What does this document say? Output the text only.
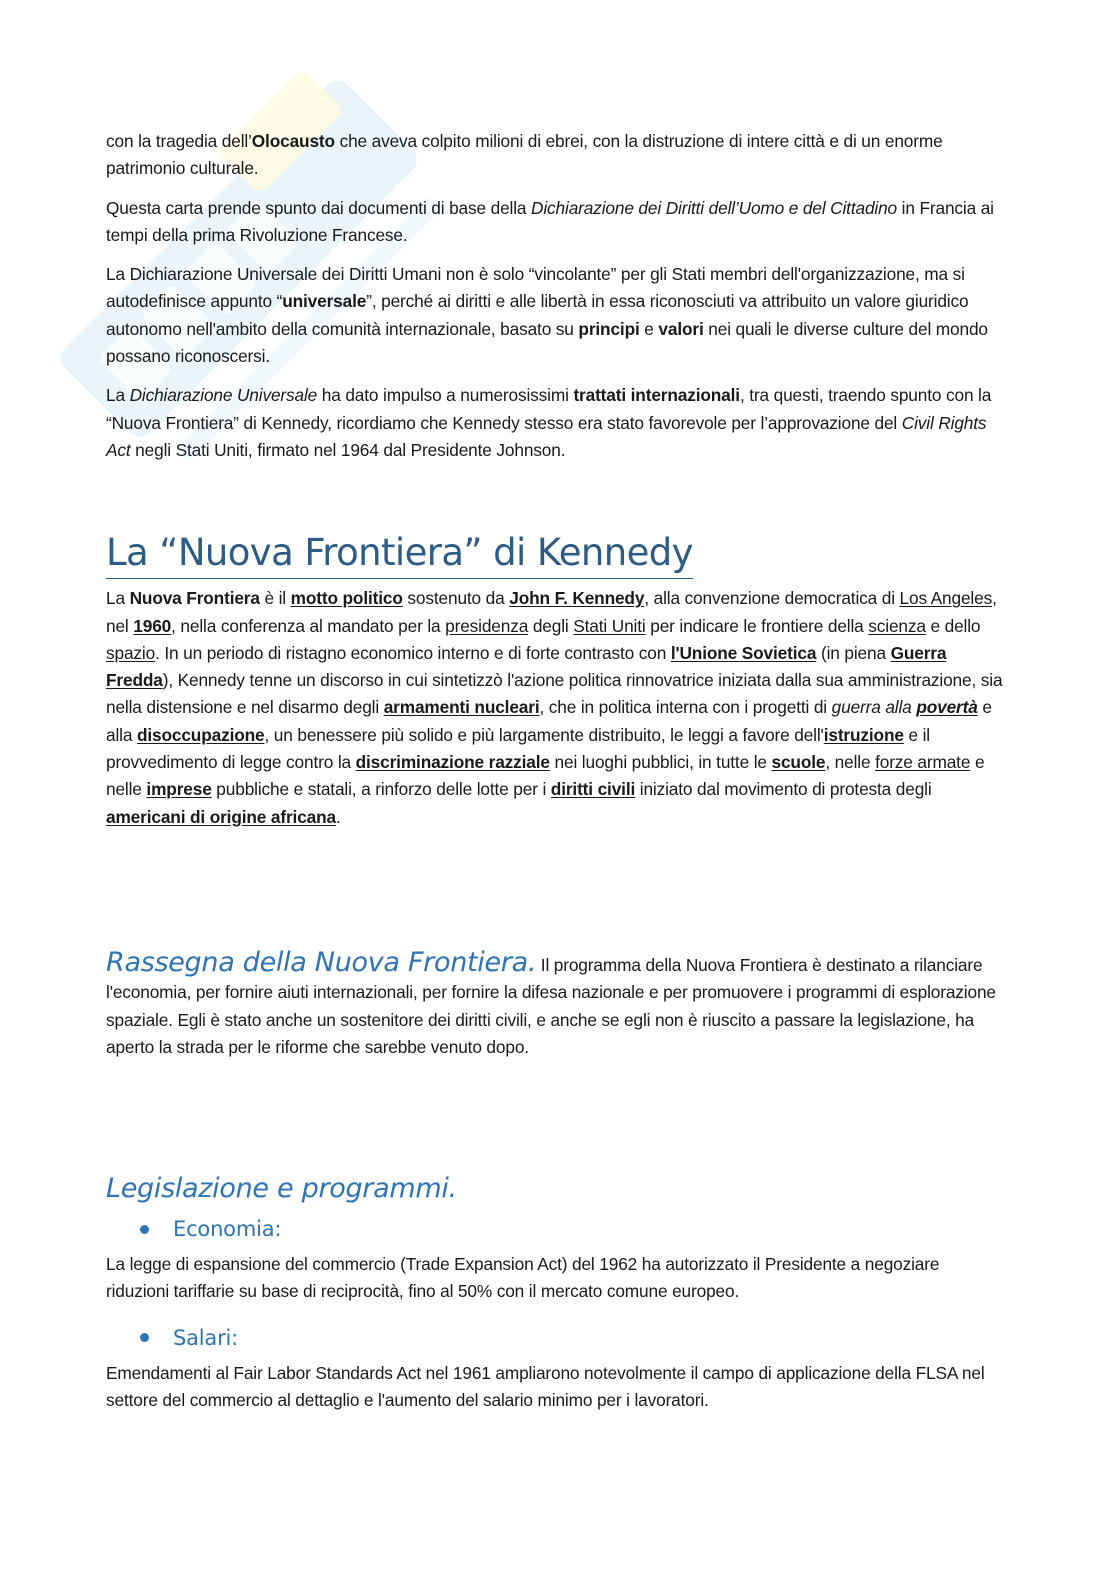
con la tragedia dell’Olocausto che aveva colpito milioni di ebrei, con la distruzione di intere città e di un enorme patrimonio culturale.

Questa carta prende spunto dai documenti di base della Dichiarazione dei Diritti dell’Uomo e del Cittadino in Francia ai tempi della prima Rivoluzione Francese.

La Dichiarazione Universale dei Diritti Umani non è solo “vincolante” per gli Stati membri dell'organizzazione, ma si autodefinisce appunto “universale”, perché ai diritti e alle libertà in essa riconosciuti va attribuito un valore giuridico autonomo nell'ambito della comunità internazionale, basato su principi e valori nei quali le diverse culture del mondo possano riconoscersi.

La Dichiarazione Universale ha dato impulso a numerosissimi trattati internazionali, tra questi, traendo spunto con la “Nuova Frontiera” di Kennedy, ricordiamo che Kennedy stesso era stato favorevole per l’approvazione del Civil Rights Act negli Stati Uniti, firmato nel 1964 dal Presidente Johnson.

La “Nuova Frontiera” di Kennedy

La Nuova Frontiera è il motto politico sostenuto da John F. Kennedy, alla convenzione democratica di Los Angeles, nel 1960, nella conferenza al mandato per la presidenza degli Stati Uniti per indicare le frontiere della scienza e dello spazio. In un periodo di ristagno economico interno e di forte contrasto con l'Unione Sovietica (in piena Guerra Fredda), Kennedy tenne un discorso in cui sintetizzò l'azione politica rinnovatrice iniziata dalla sua amministrazione, sia nella distensione e nel disarmo degli armamenti nucleari, che in politica interna con i progetti di guerra alla povertà e alla disoccupazione, un benessere più solido e più largamente distribuito, le leggi a favore dell'istruzione e il provvedimento di legge contro la discriminazione razziale nei luoghi pubblici, in tutte le scuole, nelle forze armate e nelle imprese pubbliche e statali, a rinforzo delle lotte per i diritti civili iniziato dal movimento di protesta degli americani di origine africana.

Rassegna della Nuova Frontiera. Il programma della Nuova Frontiera è destinato a rilanciare l'economia, per fornire aiuti internazionali, per fornire la difesa nazionale e per promuovere i programmi di esplorazione spaziale. Egli è stato anche un sostenitore dei diritti civili, e anche se egli non è riuscito a passare la legislazione, ha aperto la strada per le riforme che sarebbe venuto dopo.

Legislazione e programmi.
Economia:

La legge di espansione del commercio (Trade Expansion Act) del 1962 ha autorizzato il Presidente a negoziare riduzioni tariffarie su base di reciprocità, fino al 50% con il mercato comune europeo.

Salari:

Emendamenti al Fair Labor Standards Act nel 1961 ampliarono notevolmente il campo di applicazione della FLSA nel settore del commercio al dettaglio e l'aumento del salario minimo per i lavoratori.
